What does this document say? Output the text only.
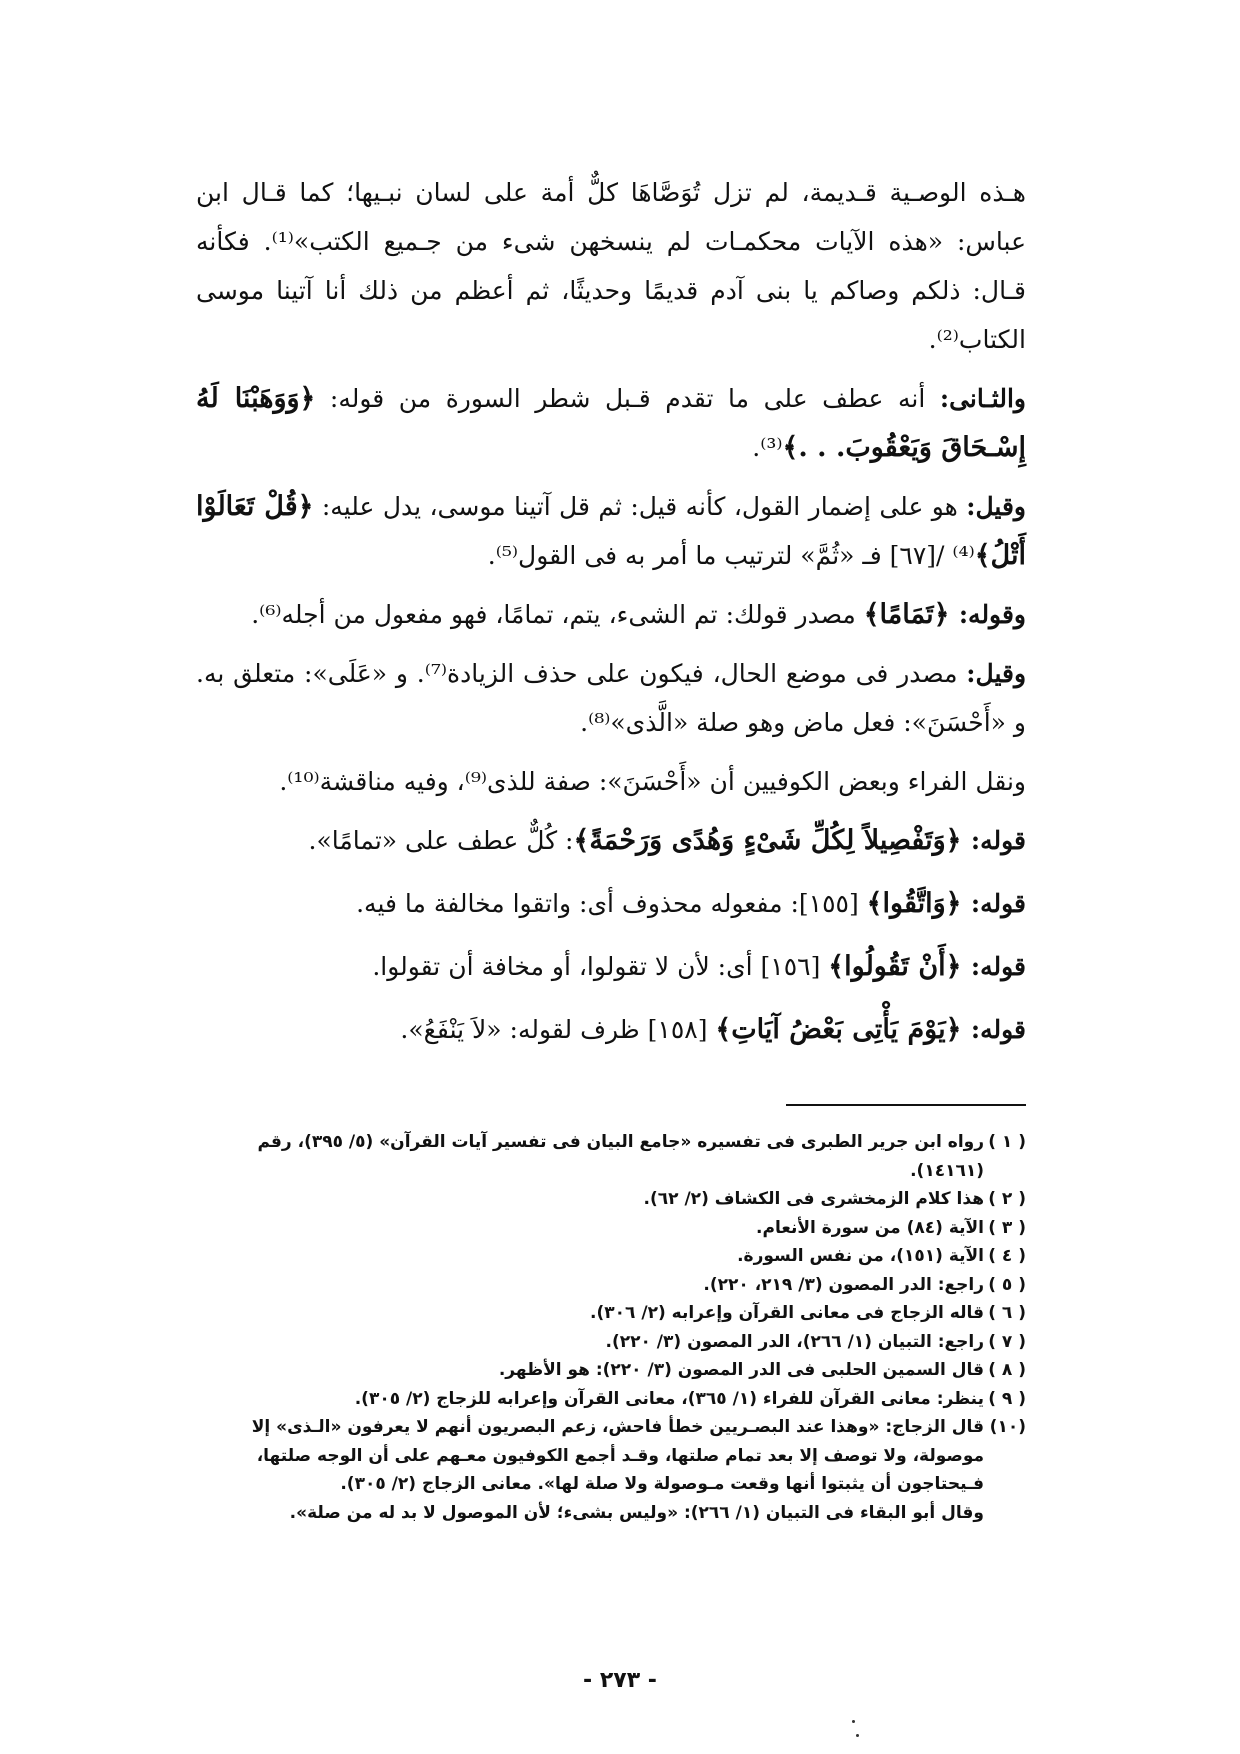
هـذه الوصـية قـديمة، لم تزل تُوَصَّاهَا كلٌّ أمة على لسان نبـيها؛ كما قـال ابن عباس: «هذه الآيات محكمـات لم ينسخهن شىء من جـميع الكتب»⁽¹⁾. فكأنه قـال: ذلكم وصاكم يا بنى آدم قديمًا وحديثًا، ثم أعظم من ذلك أنا آتينا موسى الكتاب⁽²⁾.

والثـانى: أنه عطف على ما تقدم قـبل شطر السورة من قوله: ﴿وَوَهَبْنَا لَهُ إِسْـحَاقَ وَيَعْقُوبَ. . .﴾⁽³⁾.

وقيل: هو على إضمار القول، كأنه قيل: ثم قل آتينا موسى، يدل عليه: ﴿قُلْ تَعَالَوْا أَتْلُ﴾⁽⁴⁾ /[٦٧] فـ «ثُمَّ» لترتيب ما أمر به فى القول⁽⁵⁾.

وقوله: ﴿تَمَامًا﴾ مصدر قولك: تم الشىء، يتم، تمامًا، فهو مفعول من أجله⁽⁶⁾.

وقيل: مصدر فى موضع الحال، فيكون على حذف الزيادة⁽⁷⁾. و «عَلَى»: متعلق به. و «أَحْسَنَ»: فعل ماض وهو صلة «الَّذى»⁽⁸⁾.

ونقل الفراء وبعض الكوفيين أن «أَحْسَنَ»: صفة للذى⁽⁹⁾، وفيه مناقشة⁽¹⁰⁾.

قوله: ﴿وَتَفْصِيلاً لِكُلِّ شَىْءٍ وَهُدًى وَرَحْمَةً﴾: كُلٌّ عطف على «تمامًا».

قوله: ﴿وَاتَّقُوا﴾ [١٥٥]: مفعوله محذوف أى: واتقوا مخالفة ما فيه.

قوله: ﴿أَنْ تَقُولُوا﴾ [١٥٦] أى: لأن لا تقولوا، أو مخافة أن تقولوا.

قوله: ﴿يَوْمَ يَأْتِى بَعْضُ آيَاتِ﴾ [١٥٨] ظرف لقوله: «لاَ يَنْفَعُ».

( ١ )
رواه ابن جرير الطبرى فى تفسيره «جامع البيان فى تفسير آيات القرآن» (٥/ ٣٩٥)، رقم (١٤١٦١).

( ٢ )
هذا كلام الزمخشرى فى الكشاف (٢/ ٦٢).

( ٣ )
الآية (٨٤) من سورة الأنعام.

( ٤ )
الآية (١٥١)، من نفس السورة.

( ٥ )
راجع: الدر المصون (٣/ ٢١٩، ٢٢٠).

( ٦ )
قاله الزجاج فى معانى القرآن وإعرابه (٢/ ٣٠٦).

( ٧ )
راجع: التبيان (١/ ٢٦٦)، الدر المصون (٣/ ٢٢٠).

( ٨ )
قال السمين الحلبى فى الدر المصون (٣/ ٢٢٠): هو الأظهر.

( ٩ )
ينظر: معانى القرآن للفراء (١/ ٣٦٥)، معانى القرآن وإعرابه للزجاج (٢/ ٣٠٥).

(١٠)
قال الزجاج: «وهذا عند البصـريين خطأ فاحش، زعم البصريون أنهم لا يعرفون «الـذى» إلا موصولة، ولا توصف إلا بعد تمام صلتها، وقـد أجمع الكوفيون معـهم على أن الوجه صلتها، فـيحتاجون أن يثبتوا أنها وقعت مـوصولة ولا صلة لها». معانى الزجاج (٢/ ٣٠٥).

وقال أبو البقاء فى التبيان (١/ ٢٦٦): «وليس بشىء؛ لأن الموصول لا بد له من صلة».

- ٢٧٣ -
